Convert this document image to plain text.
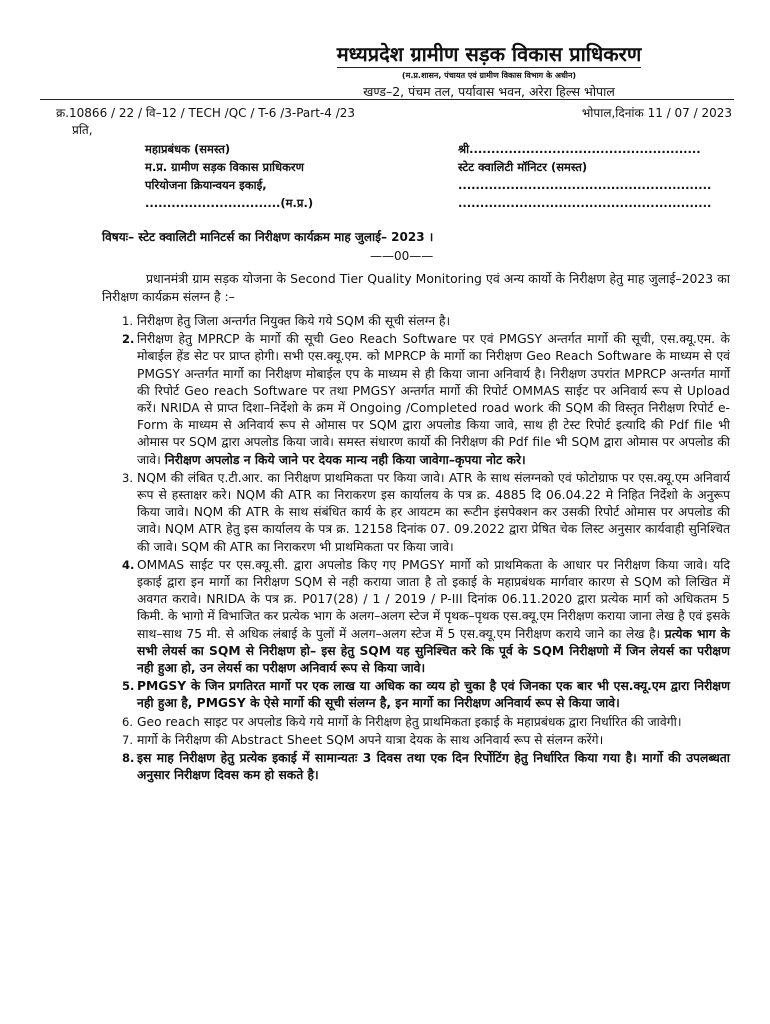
मध्यप्रदेश ग्रामीण सड़क विकास प्राधिकरण
(म.प्र.शासन, पंचायत एवं ग्रामीण विकास विभाग के अधीन)
खण्ड–2, पंचम तल, पर्यावास भवन, अरेरा हिल्स भोपाल
क्र.10866 / 22 / वि–12 / TECH /QC / T-6 /3-Part-4 /23	भोपाल,दिनांक 11 / 07 / 2023
प्रति,
महाप्रबंधक (समस्त)
म.प्र. ग्रामीण सड़क विकास प्राधिकरण
परियोजना क्रियान्वयन इकाई,
...............................(म.प्र.)
श्री.....................................................
स्टेट क्वालिटी मॉनिटर (समस्त)
..........................................................
..........................................................
विषयः– स्टेट क्वालिटी मानिटर्स का निरीक्षण कार्यक्रम माह जुलाई– 2023 ।
——00——
प्रधानमंत्री ग्राम सड़क योजना के Second Tier Quality Monitoring एवं अन्य कार्यो के निरीक्षण हेतु माह जुलाई–2023 का निरीक्षण कार्यक्रम संलग्न है :–
1. निरीक्षण हेतु जिला अन्तर्गत नियुक्त किये गये SQM की सूची संलग्न है।
2. निरीक्षण हेतु MPRCP के मार्गो की सूची Geo Reach Software पर एवं PMGSY अन्तर्गत मार्गो की सूची, एस.क्यू.एम. के मोबाईल हेंड सेट पर प्राप्त होगी। सभी एस.क्यू.एम. को MPRCP के मार्गो का निरीक्षण Geo Reach Software के माध्यम से एवं PMGSY अन्तर्गत मार्गो का निरीक्षण मोबाईल एप के माध्यम से ही किया जाना अनिवार्य है। निरीक्षण उपरांत MPRCP अन्तर्गत मार्गो की रिपोर्ट Geo reach Software पर तथा PMGSY अन्तर्गत मार्गो की रिपोर्ट OMMAS साईट पर अनिवार्य रूप से Upload करें। NRIDA से प्राप्त दिशा–निर्देशो के क्रम में Ongoing /Completed road work की SQM की विस्तृत निरीक्षण रिपोर्ट e-Form के माध्यम से अनिवार्य रूप से ओमास पर SQM द्वारा अपलोड किया जावे, साथ ही टेस्ट रिपोर्ट इत्यादि की Pdf file भी ओमास पर SQM द्वारा अपलोड किया जावे। समस्त संधारण कार्यो की निरीक्षण की Pdf file भी SQM द्वारा ओमास पर अपलोड की जावे। निरीक्षण अपलोड न किये जाने पर देयक मान्य नही किया जावेगा–कृपया नोट करे।
3. NQM की लंबित ए.टी.आर. का निरीक्षण प्राथमिकता पर किया जावे। ATR के साथ संलग्नको एवं फोटोग्राफ पर एस.क्यू.एम अनिवार्य रूप से हस्ताक्षर करे। NQM की ATR का निराकरण इस कार्यालय के पत्र क्र. 4885 दि 06.04.22 मे निहित निर्देशो के अनुरूप किया जावे। NQM की ATR के साथ संबंधित कार्य के हर आयटम का रूटीन इंसपेक्शन कर उसकी रिपोर्ट ओमास पर अपलोड की जावे। NQM ATR हेतु इस कार्यालय के पत्र क्र. 12158 दिनांक 07. 09.2022 द्वारा प्रेषित चेक लिस्ट अनुसार कार्यवाही सुनिश्चित की जावे। SQM की ATR का निराकरण भी प्राथमिकता पर किया जावे।
4. OMMAS साईट पर एस.क्यू.सी. द्वारा अपलोड किए गए PMGSY मार्गो को प्राथमिकता के आधार पर निरीक्षण किया जावे। यदि इकाई द्वारा इन मार्गो का निरीक्षण SQM से नही कराया जाता है तो इकाई के महाप्रबंधक मार्गवार कारण से SQM को लिखित में अवगत करावे। NRIDA के पत्र क्र. P017(28) / 1 / 2019 / P-III दिनांक 06.11.2020 द्वारा प्रत्येक मार्ग को अधिकतम 5 किमी. के भागो में विभाजित कर प्रत्येक भाग के अलग–अलग स्टेज में पृथक–पृथक एस.क्यू.एम निरीक्षण कराया जाना लेख है एवं इसके साथ–साथ 75 मी. से अधिक लंबाई के पुलों में अलग–अलग स्टेज में 5 एस.क्यू.एम निरीक्षण कराये जाने का लेख है। प्रत्येक भाग के सभी लेयर्स का SQM से निरीक्षण हो– इस हेतु SQM यह सुनिश्चित करे कि पूर्व के SQM निरीक्षणो में जिन लेयर्स का परीक्षण नही हुआ हो, उन लेयर्स का परीक्षण अनिवार्य रूप से किया जावे।
5. PMGSY के जिन प्रगतिरत मार्गो पर एक लाख या अधिक का व्यय हो चुका है एवं जिनका एक बार भी एस.क्यू.एम द्वारा निरीक्षण नही हुआ है, PMGSY के ऐसे मार्गो की सूची संलग्न है, इन मार्गो का निरीक्षण अनिवार्य रूप से किया जावे।
6. Geo reach साइट पर अपलोड किये गये मार्गो के निरीक्षण हेतु प्राथमिकता इकाई के महाप्रबंधक द्वारा निर्धारित की जावेगी।
7. मार्गो के निरीक्षण की Abstract Sheet SQM अपने यात्रा देयक के साथ अनिवार्य रूप से संलग्न करेंगे।
8. इस माह निरीक्षण हेतु प्रत्येक इकाई में सामान्यतः 3 दिवस तथा एक दिन रिर्पोटिंग हेतु निर्धारित किया गया है। मार्गो की उपलब्धता अनुसार निरीक्षण दिवस कम हो सकते है।
